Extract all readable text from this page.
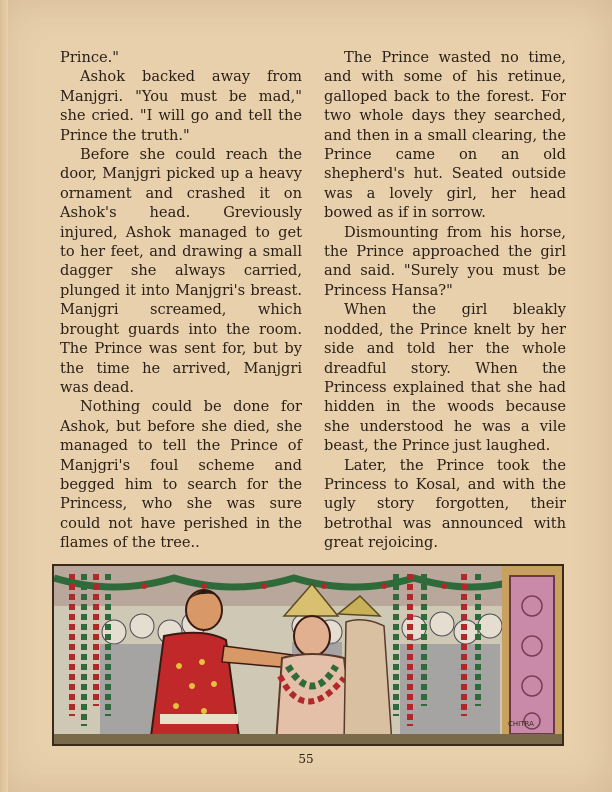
Prince."

Ashok backed away from Manjgri. "You must be mad," she cried. "I will go and tell the Prince the truth."

Before she could reach the door, Manjgri picked up a heavy ornament and crashed it on Ashok's head. Greviously injured, Ashok managed to get to her feet, and drawing a small dagger she always carried, plunged it into Manjgri's breast. Manjgri screamed, which brought guards into the room. The Prince was sent for, but by the time he arrived, Manjgri was dead.

Nothing could be done for Ashok, but before she died, she managed to tell the Prince of Manjgri's foul scheme and begged him to search for the Princess, who she was sure could not have perished in the flames of the tree..

The Prince wasted no time, and with some of his retinue, galloped back to the forest. For two whole days they searched, and then in a small clearing, the Prince came on an old shepherd's hut. Seated outside was a lovely girl, her head bowed as if in sorrow.

Dismounting from his horse, the Prince approached the girl and said. "Surely you must be Princess Hansa?"

When the girl bleakly nodded, the Prince knelt by her side and told her the whole dreadful story. When the Princess explained that she had hidden in the woods because she understood he was a vile beast, the Prince just laughed.

Later, the Prince took the Princess to Kosal, and with the ugly story forgotten, their betrothal was announced with great rejoicing.

CHITRA
55
